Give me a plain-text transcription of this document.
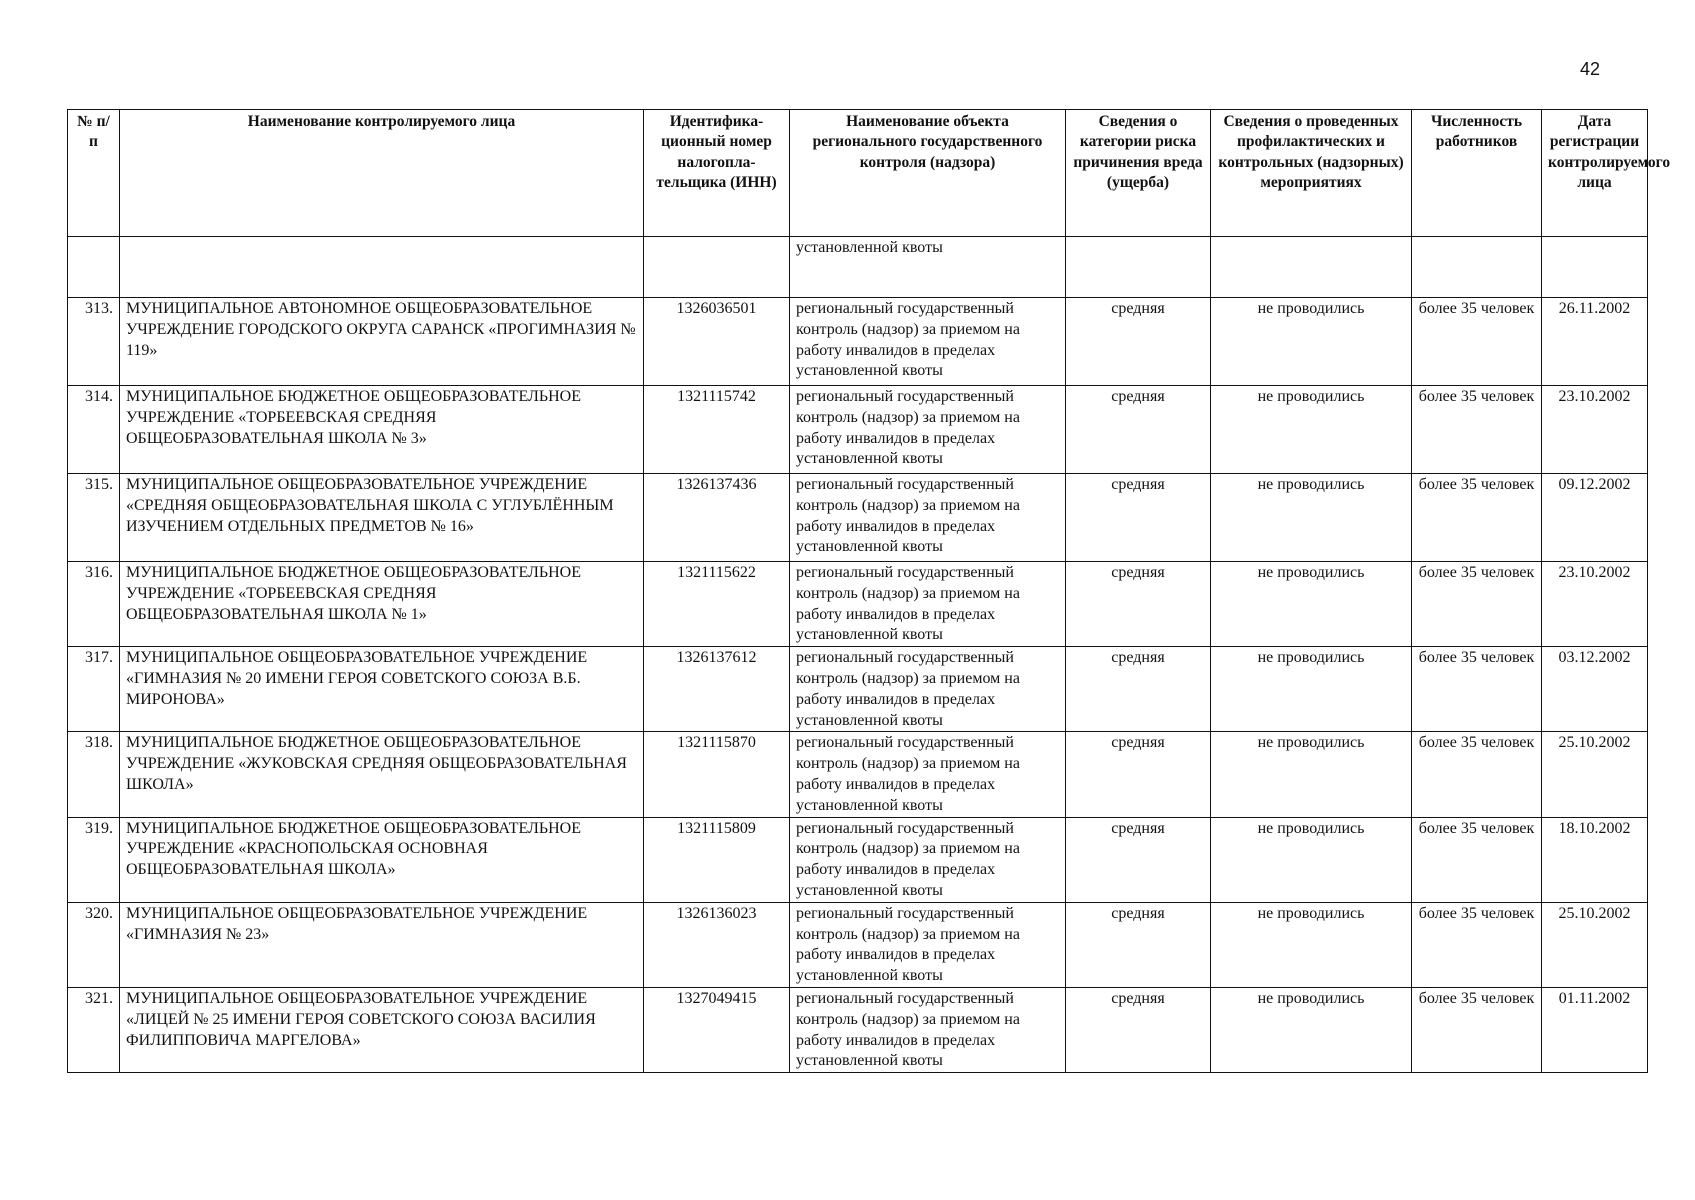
42
№ п/п	Наименование контролируемого лица	Идентифика-ционный номер налогопла-тельщика (ИНН)	Наименование объекта регионального государственного контроля (надзора)	Сведения о категории риска причинения вреда (ущерба)	Сведения о проведенных профилактических и контрольных (надзорных) мероприятиях	Численность работников	Дата регистрации контролируемого лица
			установленной квоты				
313.	МУНИЦИПАЛЬНОЕ АВТОНОМНОЕ ОБЩЕОБРАЗОВАТЕЛЬНОЕ УЧРЕЖДЕНИЕ ГОРОДСКОГО ОКРУГА САРАНСК «ПРОГИМНАЗИЯ № 119»	1326036501	региональный государственный контроль (надзор) за приемом на работу инвалидов в пределах установленной квоты	средняя	не проводились	более 35 человек	26.11.2002
314.	МУНИЦИПАЛЬНОЕ БЮДЖЕТНОЕ ОБЩЕОБРАЗОВАТЕЛЬНОЕ УЧРЕЖДЕНИЕ «ТОРБЕЕВСКАЯ СРЕДНЯЯ ОБЩЕОБРАЗОВАТЕЛЬНАЯ ШКОЛА № 3»	1321115742	региональный государственный контроль (надзор) за приемом на работу инвалидов в пределах установленной квоты	средняя	не проводились	более 35 человек	23.10.2002
315.	МУНИЦИПАЛЬНОЕ ОБЩЕОБРАЗОВАТЕЛЬНОЕ УЧРЕЖДЕНИЕ «СРЕДНЯЯ ОБЩЕОБРАЗОВАТЕЛЬНАЯ ШКОЛА С УГЛУБЛЁННЫМ ИЗУЧЕНИЕМ ОТДЕЛЬНЫХ ПРЕДМЕТОВ № 16»	1326137436	региональный государственный контроль (надзор) за приемом на работу инвалидов в пределах установленной квоты	средняя	не проводились	более 35 человек	09.12.2002
316.	МУНИЦИПАЛЬНОЕ БЮДЖЕТНОЕ ОБЩЕОБРАЗОВАТЕЛЬНОЕ УЧРЕЖДЕНИЕ «ТОРБЕЕВСКАЯ СРЕДНЯЯ ОБЩЕОБРАЗОВАТЕЛЬНАЯ ШКОЛА № 1»	1321115622	региональный государственный контроль (надзор) за приемом на работу инвалидов в пределах установленной квоты	средняя	не проводились	более 35 человек	23.10.2002
317.	МУНИЦИПАЛЬНОЕ ОБЩЕОБРАЗОВАТЕЛЬНОЕ УЧРЕЖДЕНИЕ «ГИМНАЗИЯ № 20 ИМЕНИ ГЕРОЯ СОВЕТСКОГО СОЮЗА В.Б. МИРОНОВА»	1326137612	региональный государственный контроль (надзор) за приемом на работу инвалидов в пределах установленной квоты	средняя	не проводились	более 35 человек	03.12.2002
318.	МУНИЦИПАЛЬНОЕ БЮДЖЕТНОЕ ОБЩЕОБРАЗОВАТЕЛЬНОЕ УЧРЕЖДЕНИЕ «ЖУКОВСКАЯ СРЕДНЯЯ ОБЩЕОБРАЗОВАТЕЛЬНАЯ ШКОЛА»	1321115870	региональный государственный контроль (надзор) за приемом на работу инвалидов в пределах установленной квоты	средняя	не проводились	более 35 человек	25.10.2002
319.	МУНИЦИПАЛЬНОЕ БЮДЖЕТНОЕ ОБЩЕОБРАЗОВАТЕЛЬНОЕ УЧРЕЖДЕНИЕ «КРАСНОПОЛЬСКАЯ ОСНОВНАЯ ОБЩЕОБРАЗОВАТЕЛЬНАЯ ШКОЛА»	1321115809	региональный государственный контроль (надзор) за приемом на работу инвалидов в пределах установленной квоты	средняя	не проводились	более 35 человек	18.10.2002
320.	МУНИЦИПАЛЬНОЕ ОБЩЕОБРАЗОВАТЕЛЬНОЕ УЧРЕЖДЕНИЕ «ГИМНАЗИЯ № 23»	1326136023	региональный государственный контроль (надзор) за приемом на работу инвалидов в пределах установленной квоты	средняя	не проводились	более 35 человек	25.10.2002
321.	МУНИЦИПАЛЬНОЕ ОБЩЕОБРАЗОВАТЕЛЬНОЕ УЧРЕЖДЕНИЕ «ЛИЦЕЙ № 25 ИМЕНИ ГЕРОЯ СОВЕТСКОГО СОЮЗА ВАСИЛИЯ ФИЛИППОВИЧА МАРГЕЛОВА»	1327049415	региональный государственный контроль (надзор) за приемом на работу инвалидов в пределах установленной квоты	средняя	не проводились	более 35 человек	01.11.2002
